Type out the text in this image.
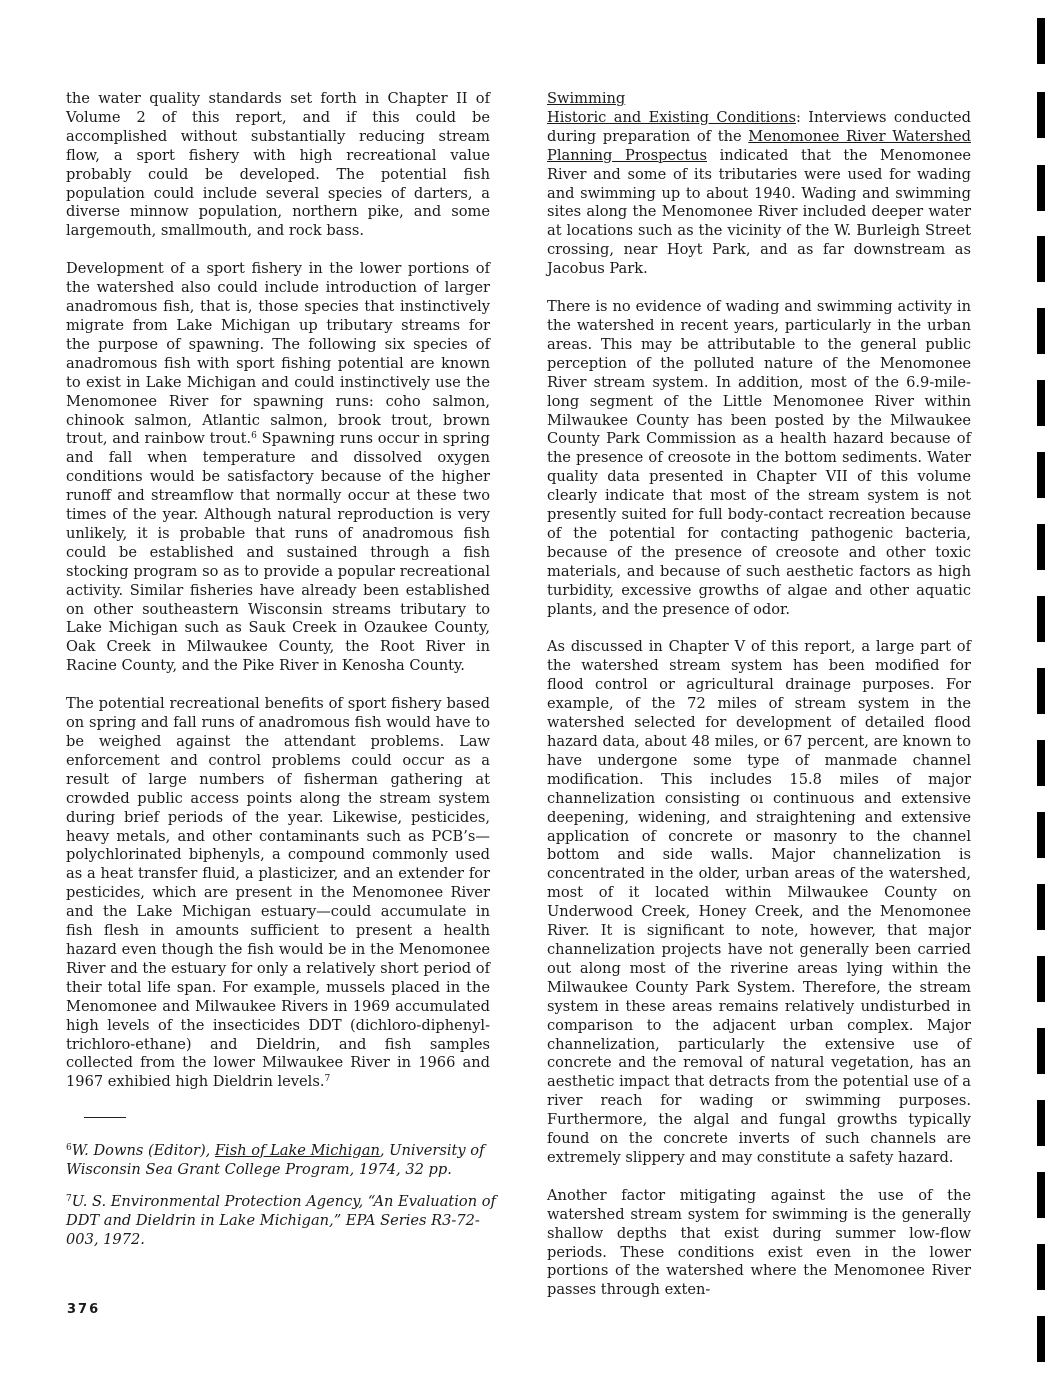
the water quality standards set forth in Chapter II of Volume 2 of this report, and if this could be accomplished without substantially reducing stream flow, a sport fishery with high recreational value probably could be developed. The potential fish population could include several species of darters, a diverse minnow population, northern pike, and some largemouth, smallmouth, and rock bass.

Development of a sport fishery in the lower portions of the watershed also could include introduction of larger anadromous fish, that is, those species that instinctively migrate from Lake Michigan up tributary streams for the purpose of spawning. The following six species of anadromous fish with sport fishing potential are known to exist in Lake Michigan and could instinctively use the Menomonee River for spawning runs: coho salmon, chinook salmon, Atlantic salmon, brook trout, brown trout, and rainbow trout.$^6$ Spawning runs occur in spring and fall when temperature and dissolved oxygen conditions would be satisfactory because of the higher runoff and streamflow that normally occur at these two times of the year. Although natural reproduction is very unlikely, it is probable that runs of anadromous fish could be established and sustained through a fish stocking program so as to provide a popular recreational activity. Similar fisheries have already been established on other southeastern Wisconsin streams tributary to Lake Michigan such as Sauk Creek in Ozaukee County, Oak Creek in Milwaukee County, the Root River in Racine County, and the Pike River in Kenosha County.

The potential recreational benefits of sport fishery based on spring and fall runs of anadromous fish would have to be weighed against the attendant problems. Law enforcement and control problems could occur as a result of large numbers of fisherman gathering at crowded public access points along the stream system during brief periods of the year. Likewise, pesticides, heavy metals, and other contaminants such as PCB’s—polychlorinated biphenyls, a compound commonly used as a heat transfer fluid, a plasticizer, and an extender for pesticides, which are present in the Menomonee River and the Lake Michigan estuary—could accumulate in fish flesh in amounts sufficient to present a health hazard even though the fish would be in the Menomonee River and the estuary for only a relatively short period of their total life span. For example, mussels placed in the Menomonee and Milwaukee Rivers in 1969 accumulated high levels of the insecticides DDT (dichloro-diphenyl-trichloro-ethane) and Dieldrin, and fish samples collected from the lower Milwaukee River in 1966 and 1967 exhibied high Dieldrin levels.$^7$

$^6$W. Downs (Editor), Fish of Lake Michigan, University of Wisconsin Sea Grant College Program, 1974, 32 pp.

$^7$U. S. Environmental Protection Agency, “An Evaluation of DDT and Dieldrin in Lake Michigan,” EPA Series R3-72-003, 1972.

376

Swimming

Historic and Existing Conditions: Interviews conducted during preparation of the Menomonee River Watershed Planning Prospectus indicated that the Menomonee River and some of its tributaries were used for wading and swimming up to about 1940. Wading and swimming sites along the Menomonee River included deeper water at locations such as the vicinity of the W. Burleigh Street crossing, near Hoyt Park, and as far downstream as Jacobus Park.

There is no evidence of wading and swimming activity in the watershed in recent years, particularly in the urban areas. This may be attributable to the general public perception of the polluted nature of the Menomonee River stream system. In addition, most of the 6.9-mile-long segment of the Little Menomonee River within Milwaukee County has been posted by the Milwaukee County Park Commission as a health hazard because of the presence of creosote in the bottom sediments. Water quality data presented in Chapter VII of this volume clearly indicate that most of the stream system is not presently suited for full body-contact recreation because of the potential for contacting pathogenic bacteria, because of the presence of creosote and other toxic materials, and because of such aesthetic factors as high turbidity, excessive growths of algae and other aquatic plants, and the presence of odor.

As discussed in Chapter V of this report, a large part of the watershed stream system has been modified for flood control or agricultural drainage purposes. For example, of the 72 miles of stream system in the watershed selected for development of detailed flood hazard data, about 48 miles, or 67 percent, are known to have undergone some type of manmade channel modification. This includes 15.8 miles of major channelization consisting oı continuous and extensive deepening, widening, and straightening and extensive application of concrete or masonry to the channel bottom and side walls. Major channelization is concentrated in the older, urban areas of the watershed, most of it located within Milwaukee County on Underwood Creek, Honey Creek, and the Menomonee River. It is significant to note, however, that major channelization projects have not generally been carried out along most of the riverine areas lying within the Milwaukee County Park System. Therefore, the stream system in these areas remains relatively undisturbed in comparison to the adjacent urban complex. Major channelization, particularly the extensive use of concrete and the removal of natural vegetation, has an aesthetic impact that detracts from the potential use of a river reach for wading or swimming purposes. Furthermore, the algal and fungal growths typically found on the concrete inverts of such channels are extremely slippery and may constitute a safety hazard.

Another factor mitigating against the use of the watershed stream system for swimming is the generally shallow depths that exist during summer low-flow periods. These conditions exist even in the lower portions of the watershed where the Menomonee River passes through exten-
